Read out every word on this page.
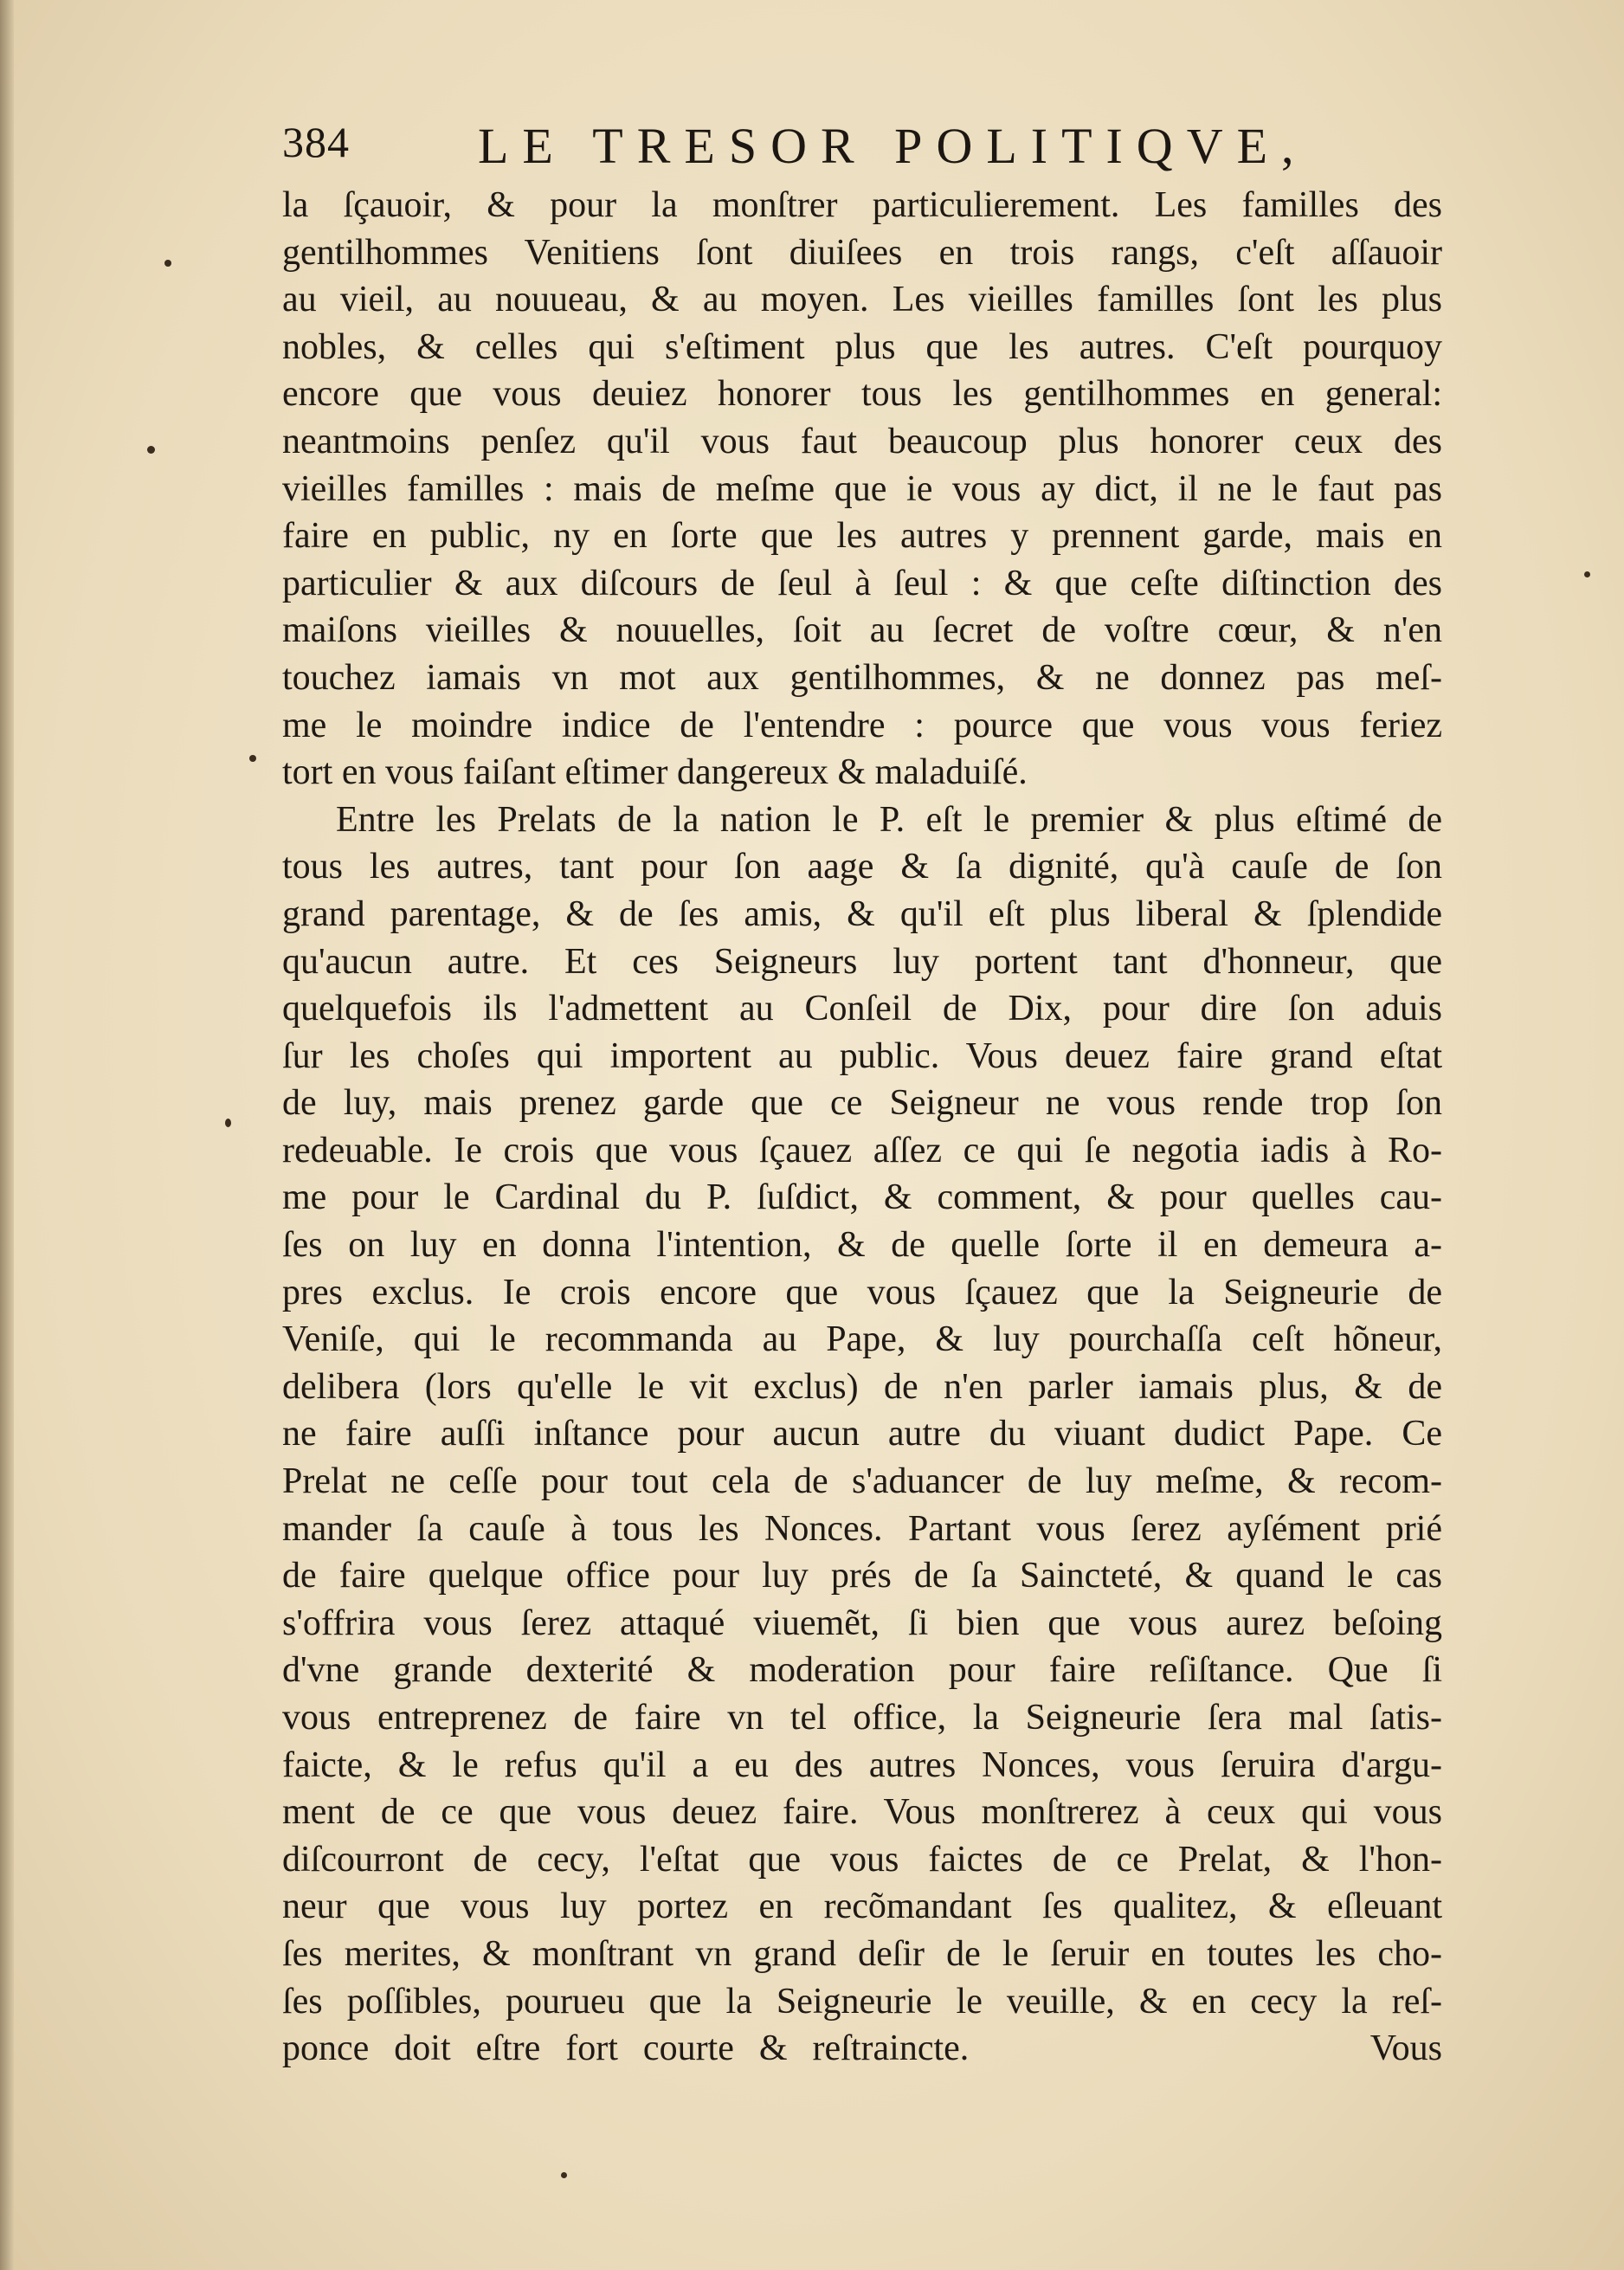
384	LE TRESOR POLITIQVE,
la ſçauoir, & pour la monſtrer particulierement. Les familles des
gentilhommes Venitiens ſont diuiſees en trois rangs, c'eſt aſſauoir
au vieil, au nouueau, & au moyen. Les vieilles familles ſont les plus
nobles, & celles qui s'eſtiment plus que les autres. C'eſt pourquoy
encore que vous deuiez honorer tous les gentilhommes en general:
neantmoins penſez qu'il vous faut beaucoup plus honorer ceux des
vieilles familles : mais de meſme que ie vous ay dict, il ne le faut pas
faire en public, ny en ſorte que les autres y prennent garde, mais en
particulier & aux diſcours de ſeul à ſeul : & que ceſte diſtinction des
maiſons vieilles & nouuelles, ſoit au ſecret de voſtre cœur, & n'en
touchez iamais vn mot aux gentilhommes, & ne donnez pas meſ-
me le moindre indice de l'entendre : pource que vous vous feriez
tort en vous faiſant eſtimer dangereux & maladuiſé.
Entre les Prelats de la nation le P. eſt le premier & plus eſtimé de
tous les autres, tant pour ſon aage & ſa dignité, qu'à cauſe de ſon
grand parentage, & de ſes amis, & qu'il eſt plus liberal & ſplendide
qu'aucun autre. Et ces Seigneurs luy portent tant d'honneur, que
quelquefois ils l'admettent au Conſeil de Dix, pour dire ſon aduis
ſur les choſes qui importent au public. Vous deuez faire grand eſtat
de luy, mais prenez garde que ce Seigneur ne vous rende trop ſon
redeuable. Ie crois que vous ſçauez aſſez ce qui ſe negotia iadis à Ro-
me pour le Cardinal du P. ſuſdict, & comment, & pour quelles cau-
ſes on luy en donna l'intention, & de quelle ſorte il en demeura a-
pres exclus. Ie crois encore que vous ſçauez que la Seigneurie de
Veniſe, qui le recommanda au Pape, & luy pourchaſſa ceſt hõneur,
delibera (lors qu'elle le vit exclus) de n'en parler iamais plus, & de
ne faire auſſi inſtance pour aucun autre du viuant dudict Pape. Ce
Prelat ne ceſſe pour tout cela de s'aduancer de luy meſme, & recom-
mander ſa cauſe à tous les Nonces. Partant vous ſerez ayſément prié
de faire quelque office pour luy prés de ſa Saincteté, & quand le cas
s'offrira vous ſerez attaqué viuemẽt, ſi bien que vous aurez beſoing
d'vne grande dexterité & moderation pour faire reſiſtance. Que ſi
vous entreprenez de faire vn tel office, la Seigneurie ſera mal ſatis-
faicte, & le refus qu'il a eu des autres Nonces, vous ſeruira d'argu-
ment de ce que vous deuez faire. Vous monſtrerez à ceux qui vous
diſcourront de cecy, l'eſtat que vous faictes de ce Prelat, & l'hon-
neur que vous luy portez en recõmandant ſes qualitez, & eſleuant
ſes merites, & monſtrant vn grand deſir de le ſeruir en toutes les cho-
ſes poſſibles, pourueu que la Seigneurie le veuille, & en cecy la reſ-
ponce doit eſtre fort courte & reſtraincte.                Vous
